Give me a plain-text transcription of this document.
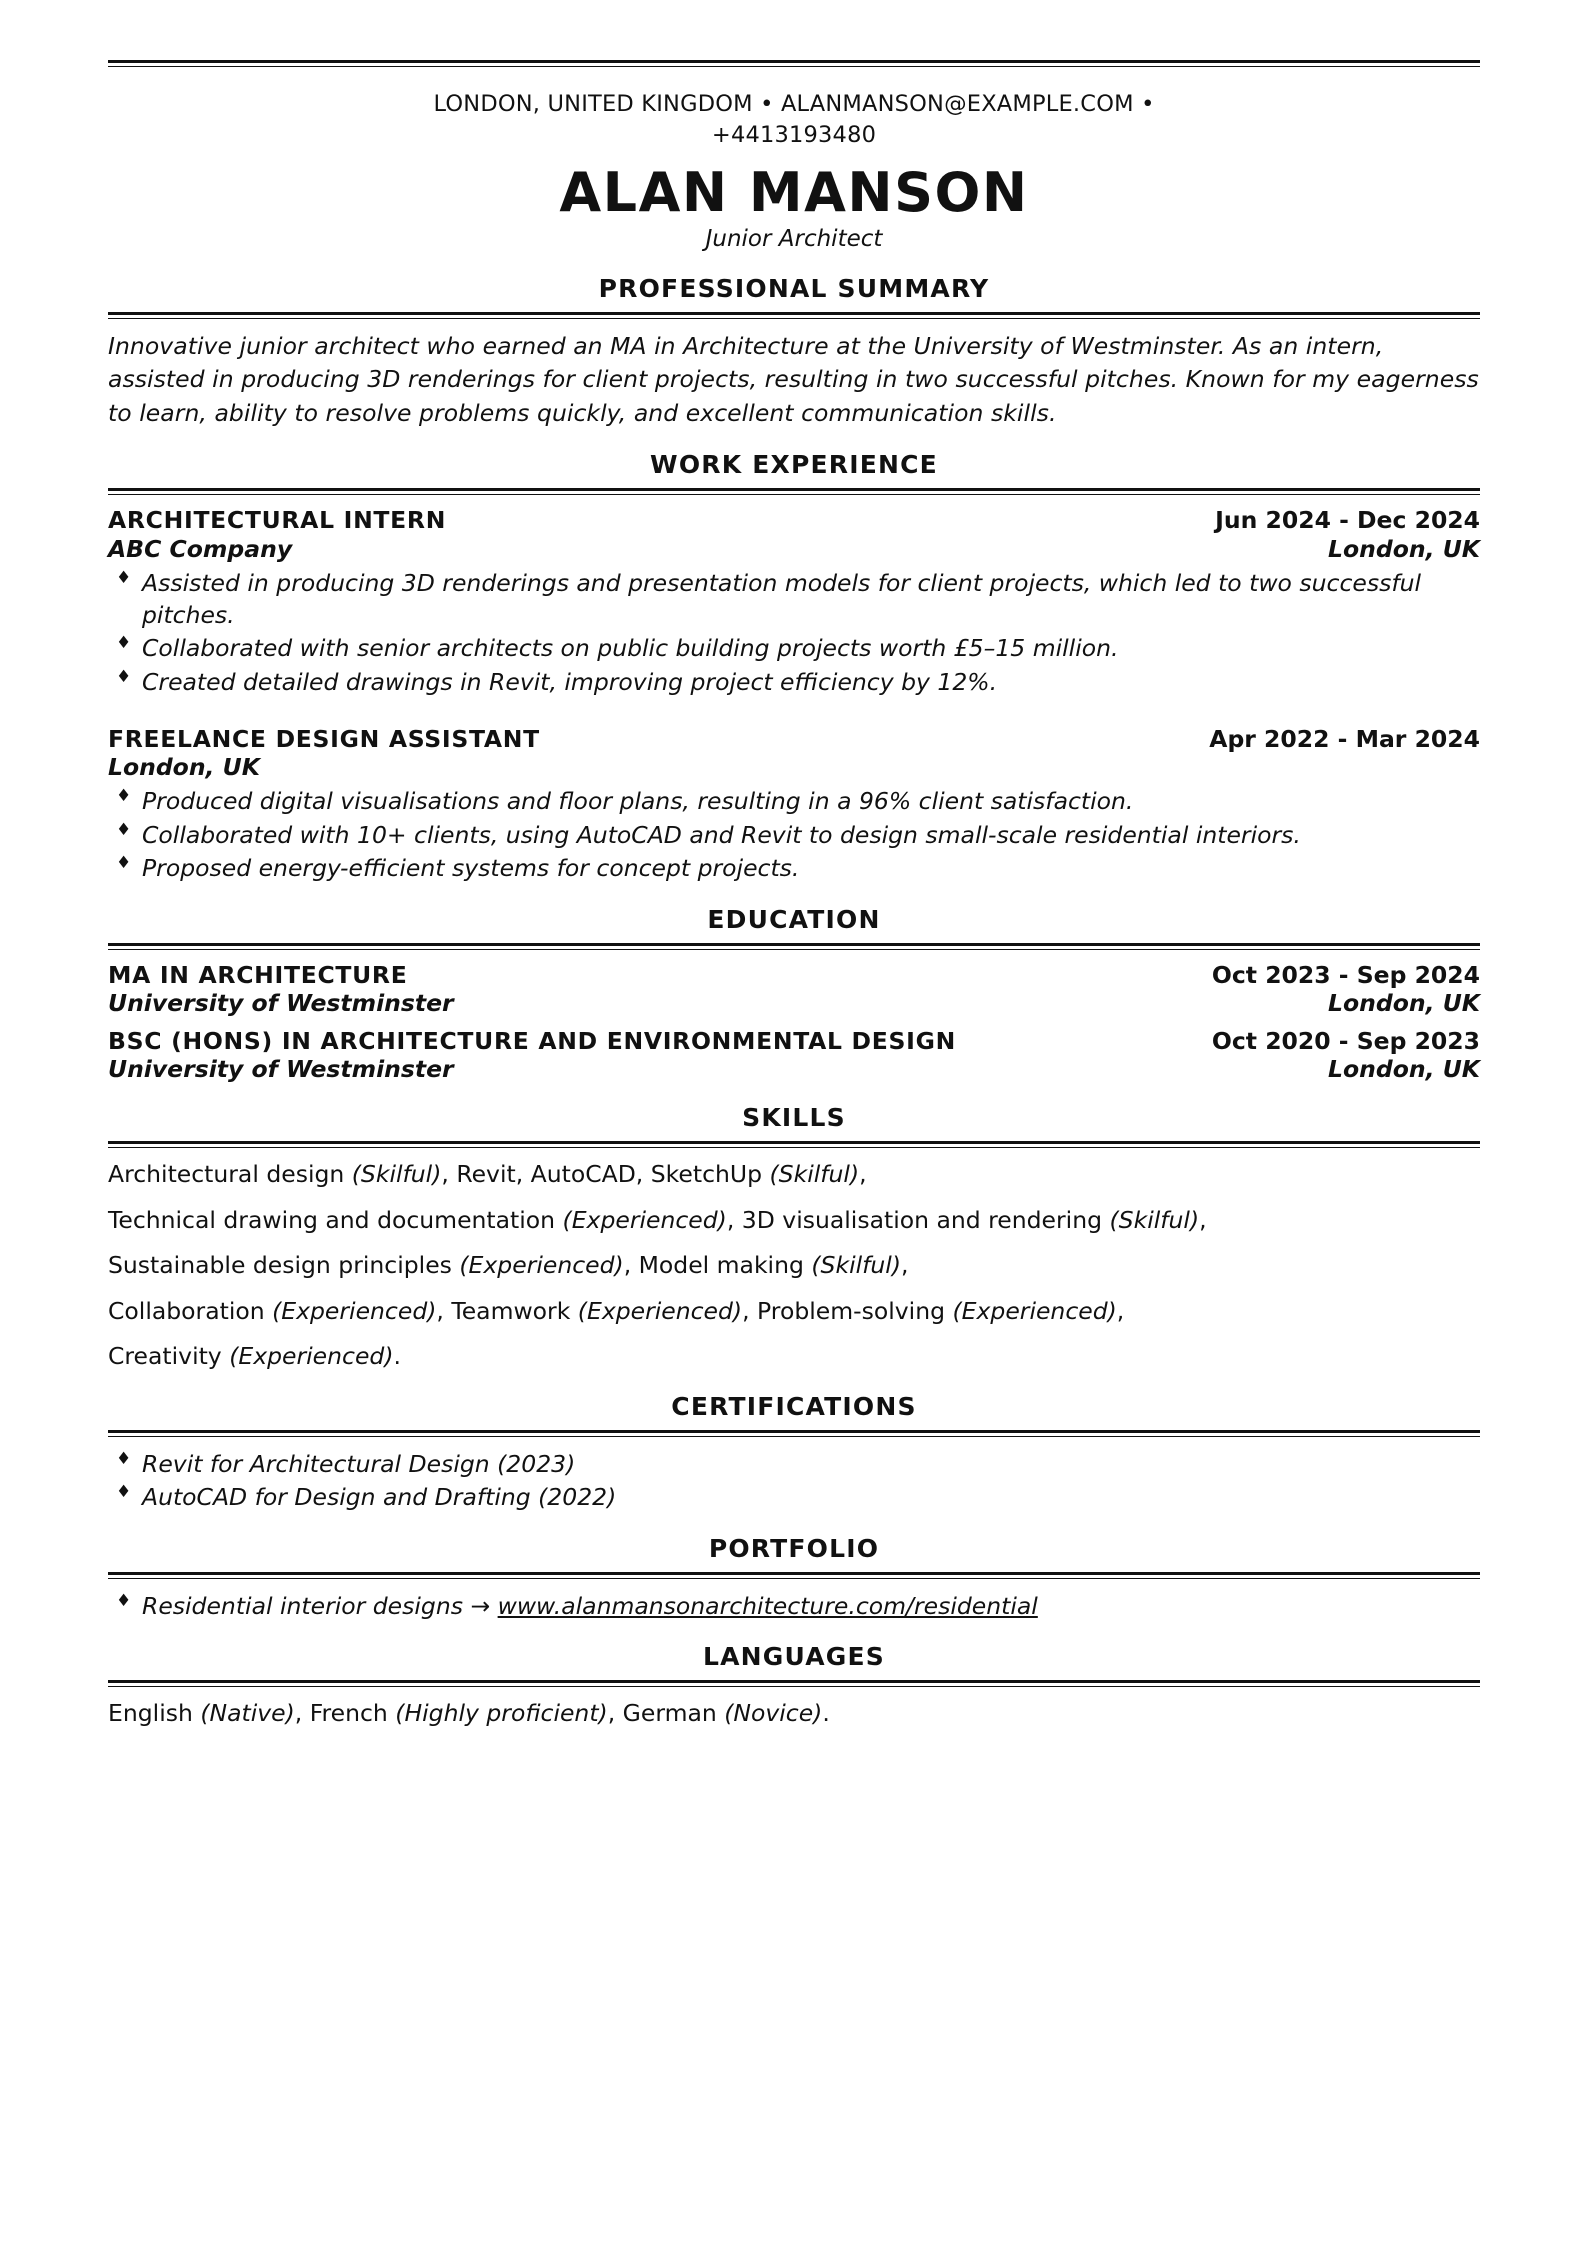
LONDON, UNITED KINGDOM • ALANMANSON@EXAMPLE.COM •
+4413193480
ALAN MANSON
Junior Architect
PROFESSIONAL SUMMARY
Innovative junior architect who earned an MA in Architecture at the University of Westminster. As an intern, assisted in producing 3D renderings for client projects, resulting in two successful pitches. Known for my eagerness to learn, ability to resolve problems quickly, and excellent communication skills.
WORK EXPERIENCE
ARCHITECTURAL INTERN	Jun 2024 - Dec 2024
ABC Company	London, UK
♦ Assisted in producing 3D renderings and presentation models for client projects, which led to two successful pitches.
♦ Collaborated with senior architects on public building projects worth £5–15 million.
♦ Created detailed drawings in Revit, improving project efficiency by 12%.
FREELANCE DESIGN ASSISTANT	Apr 2022 - Mar 2024
London, UK
♦ Produced digital visualisations and floor plans, resulting in a 96% client satisfaction.
♦ Collaborated with 10+ clients, using AutoCAD and Revit to design small-scale residential interiors.
♦ Proposed energy-efficient systems for concept projects.
EDUCATION
MA IN ARCHITECTURE	Oct 2023 - Sep 2024
University of Westminster	London, UK
BSC (HONS) IN ARCHITECTURE AND ENVIRONMENTAL DESIGN	Oct 2020 - Sep 2023
University of Westminster	London, UK
SKILLS

Architectural design (Skilful), Revit, AutoCAD, SketchUp (Skilful),

Technical drawing and documentation (Experienced), 3D visualisation and rendering (Skilful),

Sustainable design principles (Experienced), Model making (Skilful),

Collaboration (Experienced), Teamwork (Experienced), Problem-solving (Experienced),

Creativity (Experienced).

CERTIFICATIONS
♦ Revit for Architectural Design (2023)
♦ AutoCAD for Design and Drafting (2022)
PORTFOLIO
♦ Residential interior designs → www.alanmansonarchitecture.com/residential
LANGUAGES
English (Native), French (Highly proficient), German (Novice).
